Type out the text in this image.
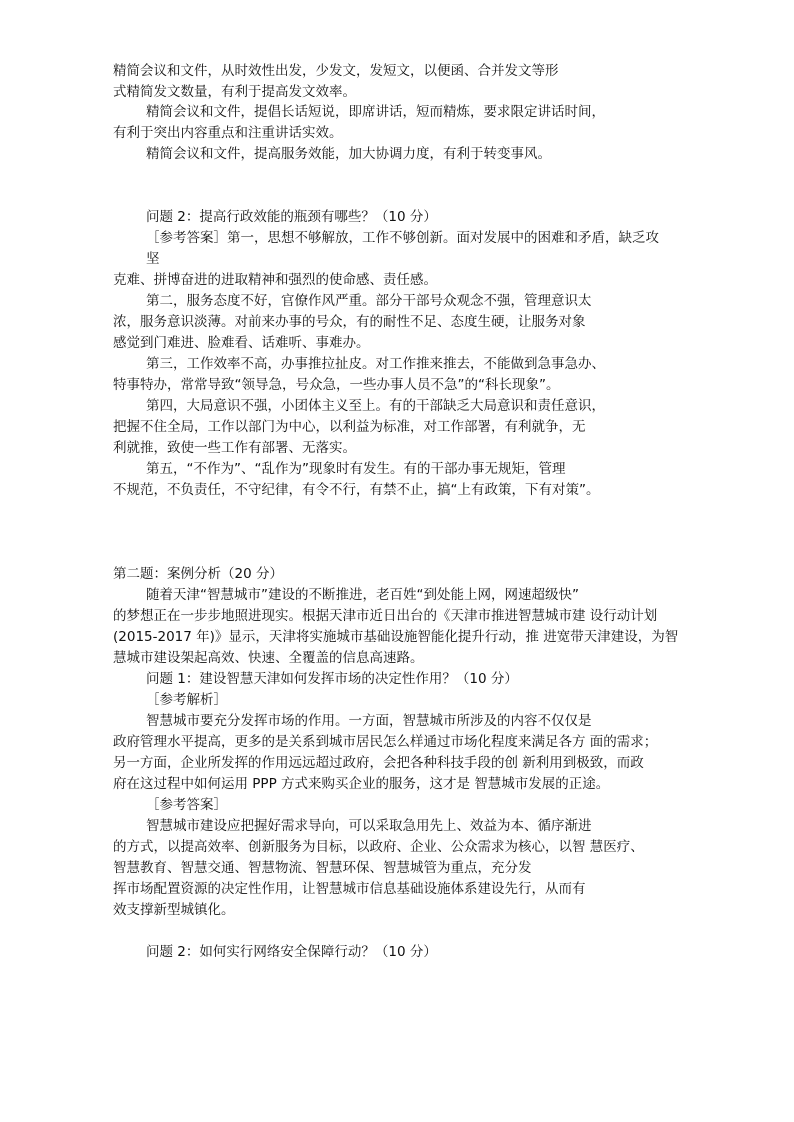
精简会议和文件，从时效性出发，少发文，发短文，以便函、合并发文等形
式精简发文数量，有利于提高发文效率。
精简会议和文件，提倡长话短说，即席讲话，短而精炼，要求限定讲话时间，
有利于突出内容重点和注重讲话实效。
精简会议和文件，提高服务效能，加大协调力度，有利于转变事风。
问题 2：提高行政效能的瓶颈有哪些？（10 分）
［参考答案］第一，思想不够解放，工作不够创新。面对发展中的困难和矛盾，缺乏攻
坚
克难、拼博奋进的进取精神和强烈的使命感、责任感。
第二，服务态度不好，官僚作风严重。部分干部号众观念不强，管理意识太
浓，服务意识淡薄。对前来办事的号众，有的耐性不足、态度生硬，让服务对象
感觉到门难进、脸难看、话难听、事难办。
第三，工作效率不高，办事推拉扯皮。对工作推来推去，不能做到急事急办、
特事特办，常常导致“领导急，号众急，一些办事人员不急”的“科长现象”。
第四，大局意识不强，小团体主义至上。有的干部缺乏大局意识和责任意识，
把握不住全局，工作以部门为中心，以利益为标准，对工作部署，有利就争，无
利就推，致使一些工作有部署、无落实。
第五，“不作为”、“乱作为”现象时有发生。有的干部办事无规矩，管理
不规范，不负责任，不守纪律，有令不行，有禁不止，搞“上有政策，下有对策”。
第二题：案例分析（20 分）
随着天津“智慧城市”建设的不断推进，老百姓“到处能上网，网速超级快”
的梦想正在一步步地照进现实。根据天津市近日出台的《天津市推进智慧城市建 设行动计划
(2015-2017 年)》显示，天津将实施城市基础设施智能化提升行动，推 进宽带天津建设，为智
慧城市建设架起高效、快速、全覆盖的信息高速路。
问题 1：建设智慧天津如何发挥市场的决定性作用？（10 分）
［参考解析］
智慧城市要充分发挥市场的作用。一方面，智慧城市所涉及的内容不仅仅是
政府管理水平提高，更多的是关系到城市居民怎么样通过市场化程度来满足各方 面的需求；
另一方面，企业所发挥的作用远远超过政府，会把各种科技手段的创 新利用到极致，而政
府在这过程中如何运用 PPP 方式来购买企业的服务，这才是 智慧城市发展的正途。
［参考答案］
智慧城市建设应把握好需求导向，可以采取急用先上、效益为本、循序渐进
的方式，以提高效率、创新服务为目标，以政府、企业、公众需求为核心，以智 慧医疗、
智慧教育、智慧交通、智慧物流、智慧环保、智慧城管为重点，充分发
挥市场配置资源的决定性作用，让智慧城市信息基础设施体系建设先行，从而有
效支撑新型城镇化。
问题 2：如何实行网络安全保障行动？（10 分）
